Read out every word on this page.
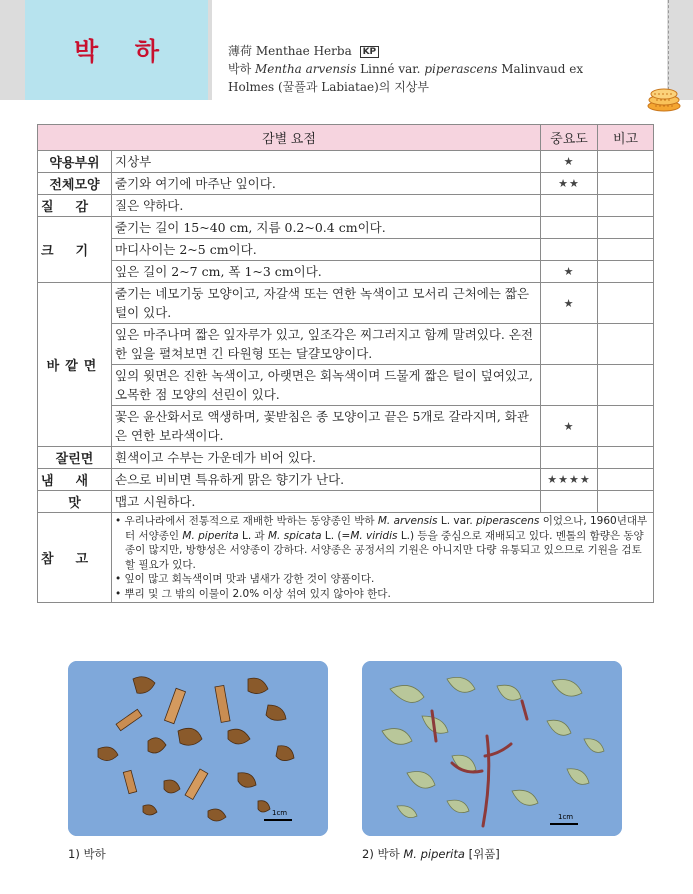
박 하	薄荷 Menthae Herba KP
박하 Mentha arvensis Linné var. piperascens Malinvaud ex
Holmes (꿀풀과 Labiatae)의 지상부
감별 요점		중요도	비고
약용부위	지상부	★	
전체모양	줄기와 여기에 마주난 잎이다.	★★	
질감	질은 약하다.		
크기	줄기는 길이 15~40 cm, 지름 0.2~0.4 cm이다.		
	마디사이는 2~5 cm이다.		
	잎은 길이 2~7 cm, 폭 1~3 cm이다.	★	
바깥면	줄기는 네모기둥 모양이고, 자갈색 또는 연한 녹색이고 모서리 근처에는 짧은 털이 있다.	★	
	잎은 마주나며 짧은 잎자루가 있고, 잎조각은 찌그러지고 함께 말려있다. 온전한 잎을 펼쳐보면 긴 타원형 또는 달걀모양이다.		
	잎의 윗면은 진한 녹색이고, 아랫면은 회녹색이며 드물게 짧은 털이 덮여있고, 오목한 점 모양의 선린이 있다.		
	꽃은 윤산화서로 액생하며, 꽃받침은 종 모양이고 끝은 5개로 갈라지며, 화관은 연한 보라색이다.	★	
잘린면	흰색이고 수부는 가운데가 비어 있다.		
냄새	손으로 비비면 특유하게 맑은 향기가 난다.	★★★★	
맛	맵고 시원하다.		
참고	• 우리나라에서 전통적으로 재배한 박하는 동양종인 박하 M. arvensis L. var. piperascens 이었으나, 1960년대부터 서양종인 M. piperita L. 과 M. spicata L. (=M. viridis L.) 등을 중심으로 재배되고 있다. 멘톨의 함량은 동양종이 많지만, 방향성은 서양종이 강하다. 서양종은 공정서의 기원은 아니지만 다량 유통되고 있으므로 기원을 검토할 필요가 있다.
• 잎이 많고 회녹색이며 맛과 냄새가 강한 것이 양품이다.
• 뿌리 및 그 밖의 이물이 2.0% 이상 섞여 있지 않아야 한다.		
1cm	1cm
1) 박하	2) 박하 M. piperita [위품]
